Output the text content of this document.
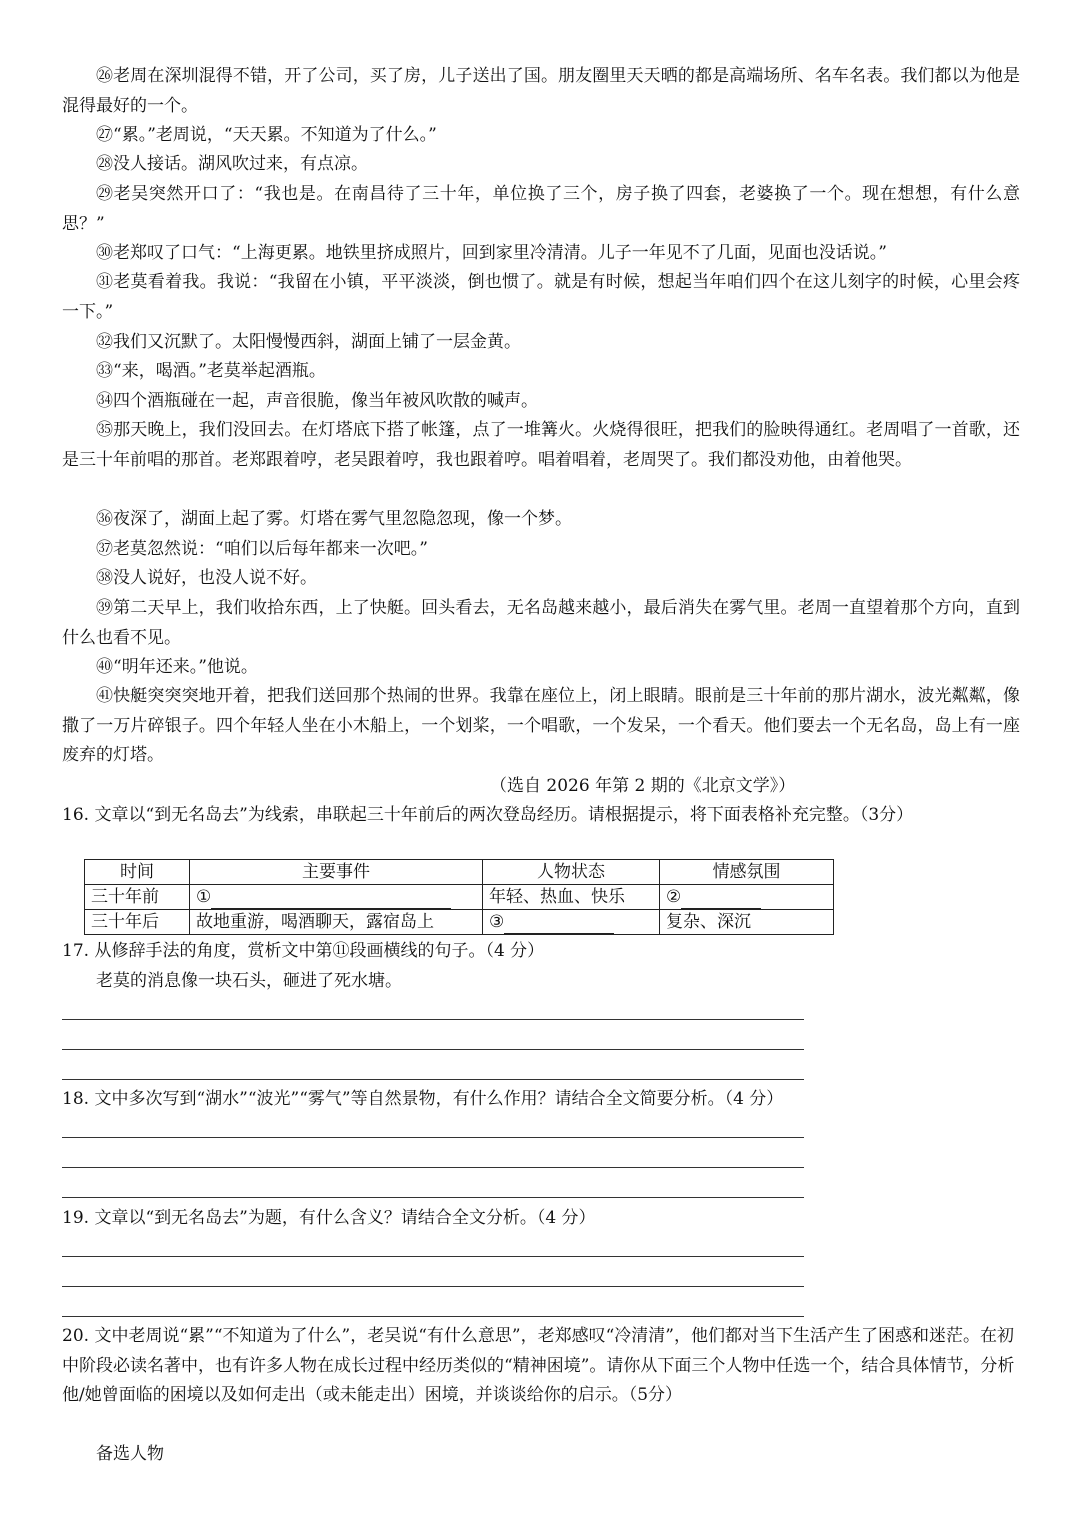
㉖老周在深圳混得不错，开了公司，买了房，儿子送出了国。朋友圈里天天晒的都是高端场所、名车名表。我们都以为他是混得最好的一个。

㉗“累。”老周说，“天天累。不知道为了什么。”

㉘没人接话。湖风吹过来，有点凉。

㉙老吴突然开口了：“我也是。在南昌待了三十年，单位换了三个，房子换了四套，老婆换了一个。现在想想，有什么意思？”

㉚老郑叹了口气：“上海更累。地铁里挤成照片，回到家里冷清清。儿子一年见不了几面，见面也没话说。”

㉛老莫看着我。我说：“我留在小镇，平平淡淡，倒也惯了。就是有时候，想起当年咱们四个在这儿刻字的时候，心里会疼一下。”

㉜我们又沉默了。太阳慢慢西斜，湖面上铺了一层金黄。

㉝“来，喝酒。”老莫举起酒瓶。

㉞四个酒瓶碰在一起，声音很脆，像当年被风吹散的喊声。

㉟那天晚上，我们没回去。在灯塔底下搭了帐篷，点了一堆篝火。火烧得很旺，把我们的脸映得通红。老周唱了一首歌，还是三十年前唱的那首。老郑跟着哼，老吴跟着哼，我也跟着哼。唱着唱着，老周哭了。我们都没劝他，由着他哭。

㊱夜深了，湖面上起了雾。灯塔在雾气里忽隐忽现，像一个梦。

㊲老莫忽然说：“咱们以后每年都来一次吧。”

㊳没人说好，也没人说不好。

㊴第二天早上，我们收拾东西，上了快艇。回头看去，无名岛越来越小，最后消失在雾气里。老周一直望着那个方向，直到什么也看不见。

㊵“明年还来。”他说。

㊶快艇突突突地开着，把我们送回那个热闹的世界。我靠在座位上，闭上眼睛。眼前是三十年前的那片湖水，波光粼粼，像撒了一万片碎银子。四个年轻人坐在小木船上，一个划桨，一个唱歌，一个发呆，一个看天。他们要去一个无名岛，岛上有一座废弃的灯塔。

（选自 2026 年第 2 期的《北京文学》）

16. 文章以“到无名岛去”为线索，串联起三十年前后的两次登岛经历。请根据提示，将下面表格补充完整。（3分）

时间	主要事件	人物状态	情感氛围
三十年前	①	年轻、热血、快乐	②
三十年后	故地重游，喝酒聊天，露宿岛上	③	复杂、深沉

17. 从修辞手法的角度，赏析文中第⑪段画横线的句子。（4 分）

老莫的消息像一块石头，砸进了死水塘。

18. 文中多次写到“湖水”“波光”“雾气”等自然景物，有什么作用？请结合全文简要分析。（4 分）

19. 文章以“到无名岛去”为题，有什么含义？请结合全文分析。（4 分）

20. 文中老周说“累”“不知道为了什么”，老吴说“有什么意思”，老郑感叹“冷清清”，他们都对当下生活产生了困惑和迷茫。在初中阶段必读名著中，也有许多人物在成长过程中经历类似的“精神困境”。请你从下面三个人物中任选一个，结合具体情节，分析他/她曾面临的困境以及如何走出（或未能走出）困境，并谈谈给你的启示。（5分）

备选人物
